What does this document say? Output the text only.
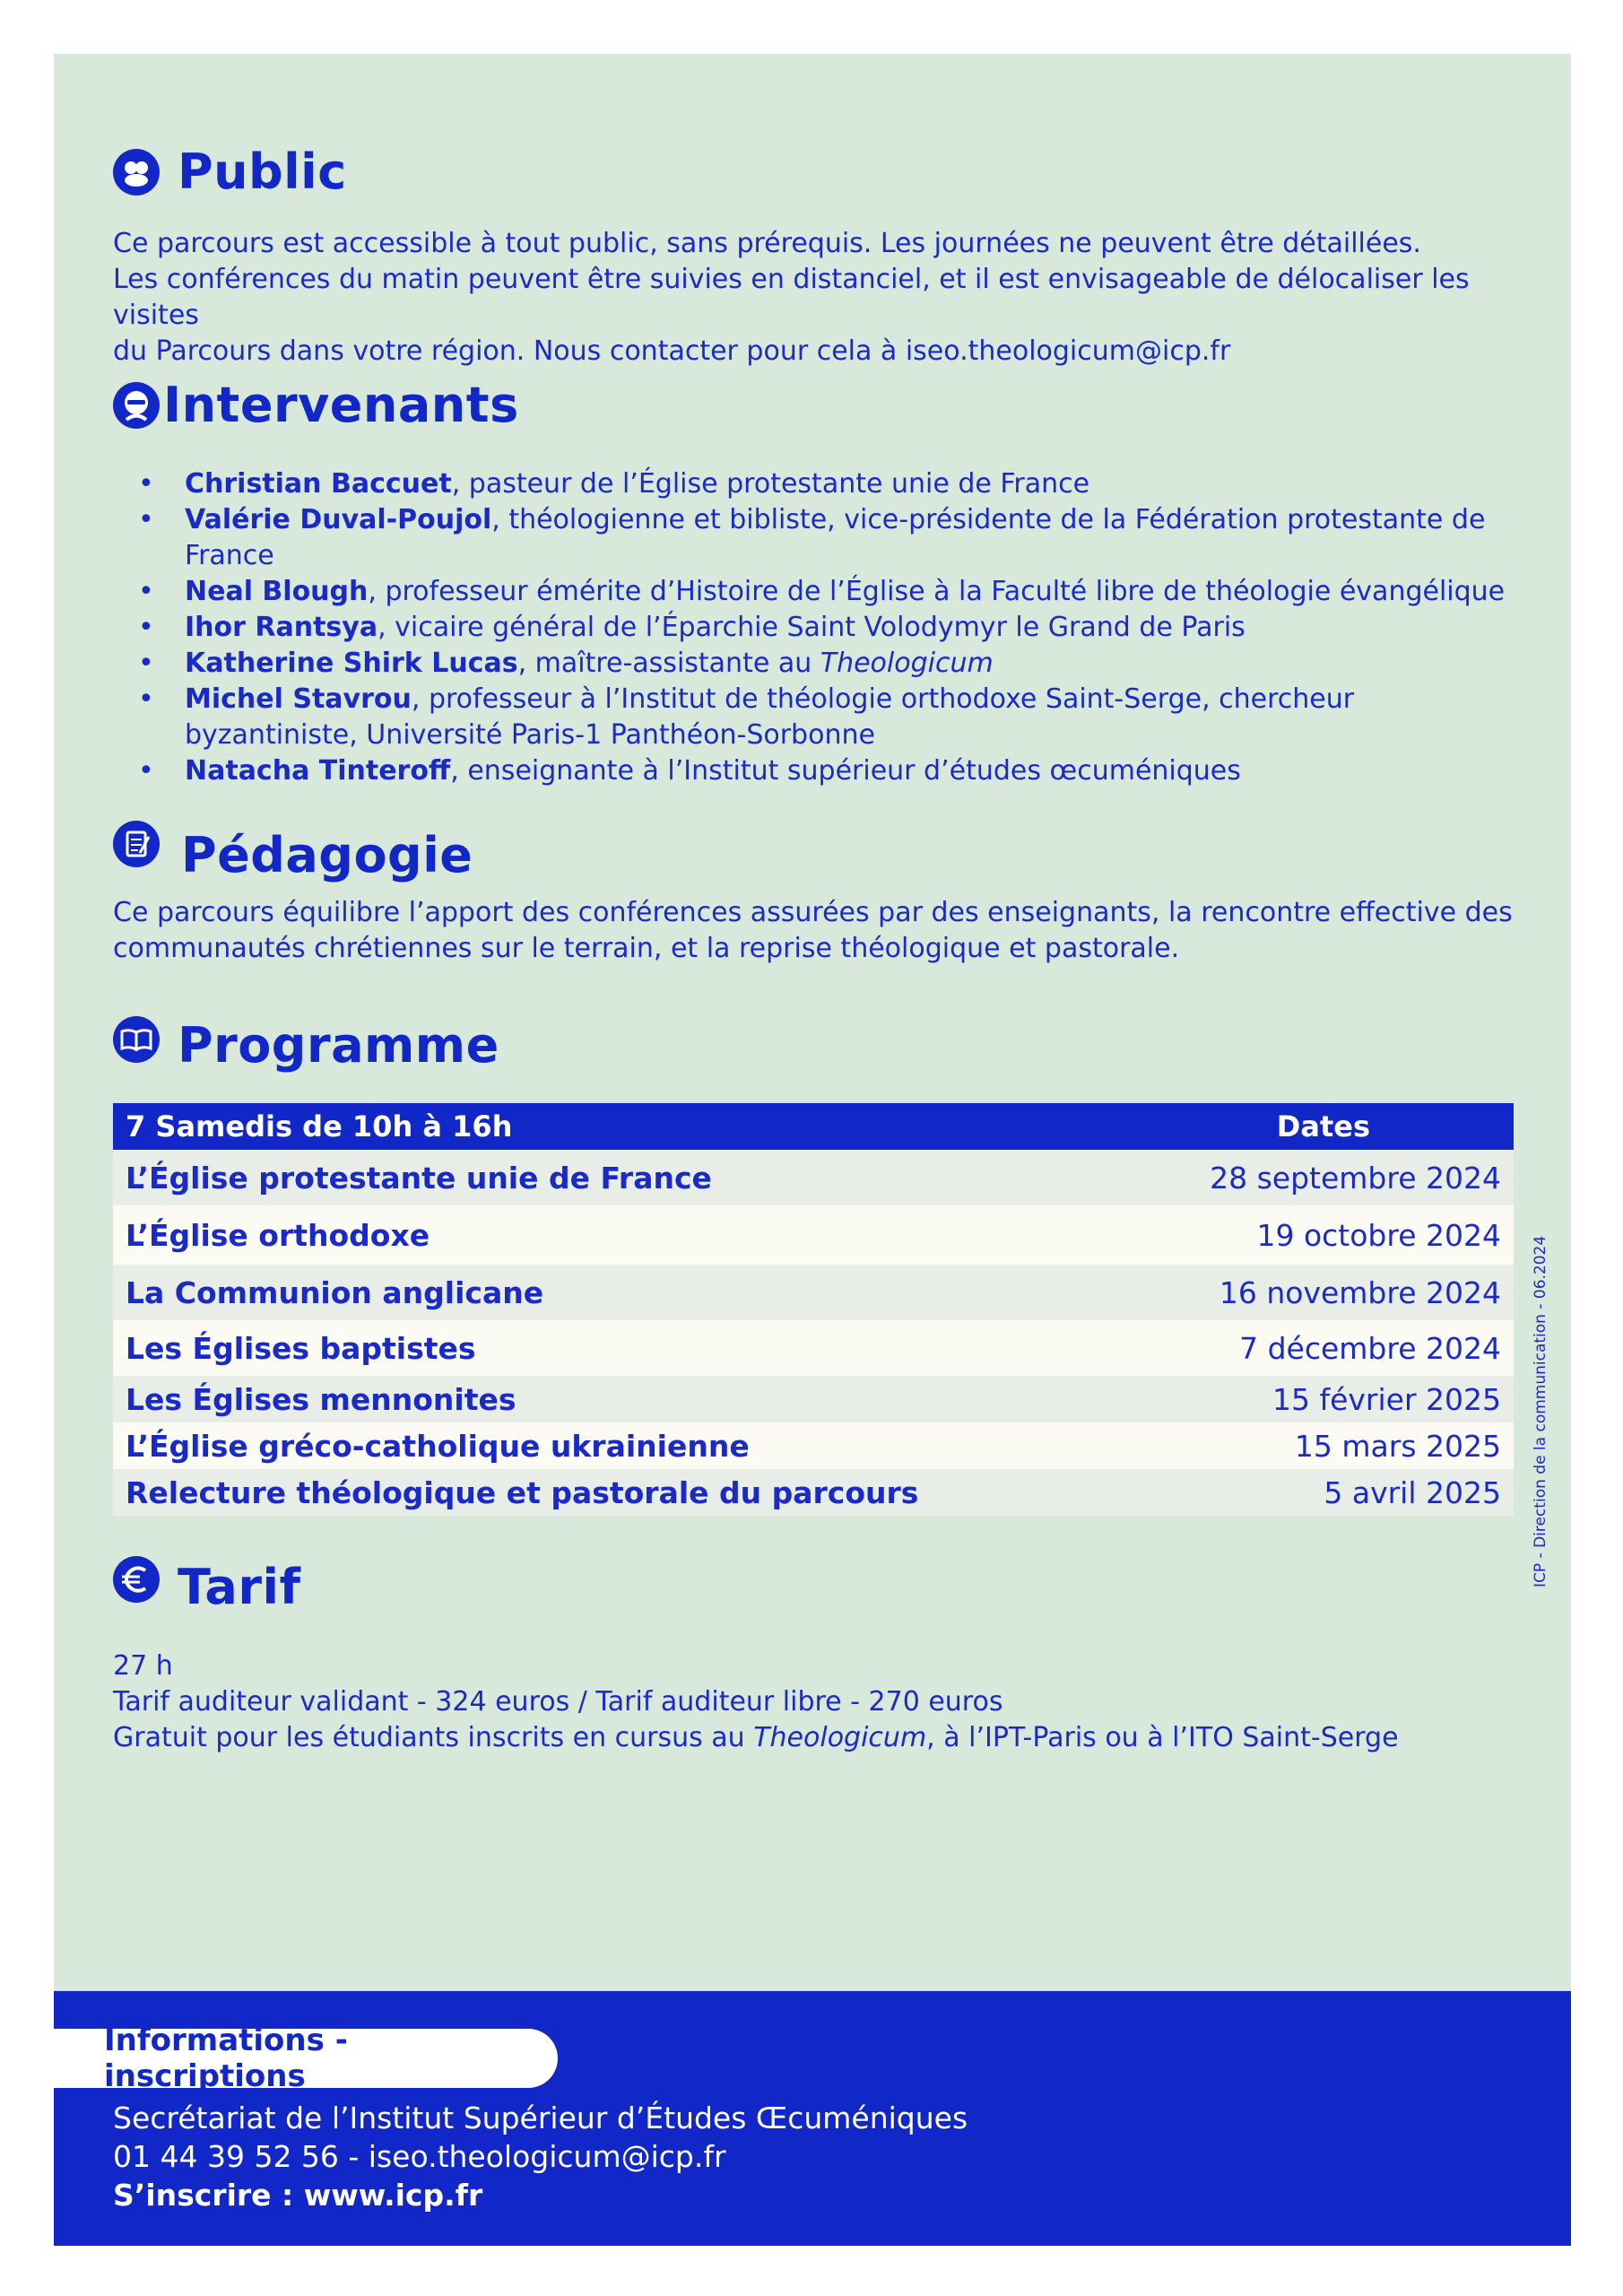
Public

Ce parcours est accessible à tout public, sans prérequis. Les journées ne peuvent être détaillées.

Les conférences du matin peuvent être suivies en distanciel, et il est envisageable de délocaliser les visites

du Parcours dans votre région. Nous contacter pour cela à iseo.theologicum@icp.fr

Intervenants
• Christian Baccuet, pasteur de l’Église protestante unie de France
• Valérie Duval-Poujol, théologienne et bibliste, vice-présidente de la Fédération protestante de France
• Neal Blough, professeur émérite d’Histoire de l’Église à la Faculté libre de théologie évangélique
• Ihor Rantsya, vicaire général de l’Éparchie Saint Volodymyr le Grand de Paris
• Katherine Shirk Lucas, maître-assistante au Theologicum
• Michel Stavrou, professeur à l’Institut de théologie orthodoxe Saint-Serge, chercheur byzantiniste, Université Paris-1 Panthéon-Sorbonne
• Natacha Tinteroff, enseignante à l’Institut supérieur d’études œcuméniques
Pédagogie

Ce parcours équilibre l’apport des conférences assurées par des enseignants, la rencontre effective des

communautés chrétiennes sur le terrain, et la reprise théologique et pastorale.

Programme
7 Samedis de 10h à 16h	Dates
L’Église protestante unie de France	28 septembre 2024
L’Église orthodoxe	19 octobre 2024
La Communion anglicane	16 novembre 2024
Les Églises baptistes	7 décembre 2024
Les Églises mennonites	15 février 2025
L’Église gréco-catholique ukrainienne	15 mars 2025
Relecture théologique et pastorale du parcours	5 avril 2025
Tarif

27 h

Tarif auditeur validant - 324 euros / Tarif auditeur libre - 270 euros

Gratuit pour les étudiants inscrits en cursus au Theologicum, à l’IPT-Paris ou à l’ITO Saint-Serge

ICP - Direction de la communication - 06.2024
Informations - inscriptions
Secrétariat de l’Institut Supérieur d’Études Œcuméniques
01 44 39 52 56 - iseo.theologicum@icp.fr
S’inscrire : www.icp.fr
